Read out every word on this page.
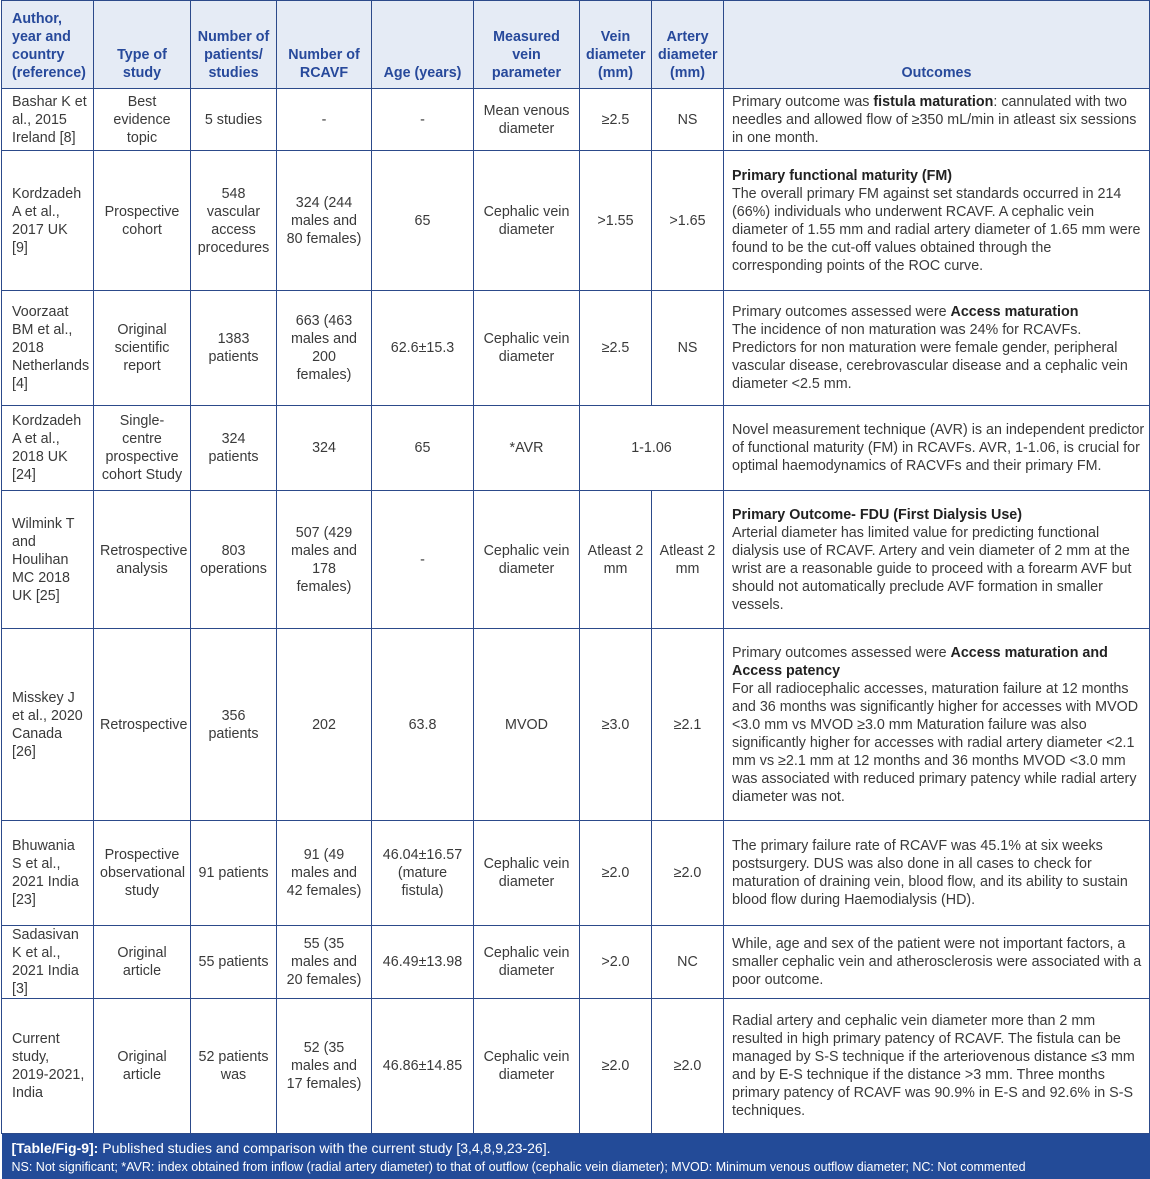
Author, year and country (reference)	Type of study	Number of patients/ studies	Number of RCAVF	Age (years)	Measured vein parameter	Vein diameter (mm)	Artery diameter (mm)	Outcomes
Bashar K et al., 2015 Ireland [8]	Best evidence topic	5 studies	-	-	Mean venous diameter	≥2.5	NS	Primary outcome was fistula maturation: cannulated with two needles and allowed flow of ≥350 mL/min in atleast six sessions in one month.
Kordzadeh A et al., 2017 UK [9]	Prospective cohort	548 vascular access procedures	324 (244 males and 80 females)	65	Cephalic vein diameter	>1.55	>1.65	Primary functional maturity (FM)
The overall primary FM against set standards occurred in 214 (66%) individuals who underwent RCAVF. A cephalic vein diameter of 1.55 mm and radial artery diameter of 1.65 mm were found to be the cut-off values obtained through the corresponding points of the ROC curve.
Voorzaat BM et al., 2018 Netherlands [4]	Original scientific report	1383 patients	663 (463 males and 200 females)	62.6±15.3	Cephalic vein diameter	≥2.5	NS	Primary outcomes assessed were Access maturation
The incidence of non maturation was 24% for RCAVFs. Predictors for non maturation were female gender, peripheral vascular disease, cerebrovascular disease and a cephalic vein diameter <2.5 mm.
Kordzadeh A et al., 2018 UK [24]	Single-centre prospective cohort Study	324 patients	324	65	*AVR	1-1.06		Novel measurement technique (AVR) is an independent predictor of functional maturity (FM) in RCAVFs. AVR, 1-1.06, is crucial for optimal haemodynamics of RACVFs and their primary FM.
Wilmink T and Houlihan MC 2018 UK [25]	Retrospective analysis	803 operations	507 (429 males and 178 females)	-	Cephalic vein diameter	Atleast 2 mm	Atleast 2 mm	Primary Outcome- FDU (First Dialysis Use)
Arterial diameter has limited value for predicting functional dialysis use of RCAVF. Artery and vein diameter of 2 mm at the wrist are a reasonable guide to proceed with a forearm AVF but should not automatically preclude AVF formation in smaller vessels.
Misskey J et al., 2020 Canada [26]	Retrospective	356 patients	202	63.8	MVOD	≥3.0	≥2.1	Primary outcomes assessed were Access maturation and Access patency
For all radiocephalic accesses, maturation failure at 12 months and 36 months was significantly higher for accesses with MVOD <3.0 mm vs MVOD ≥3.0 mm Maturation failure was also significantly higher for accesses with radial artery diameter <2.1 mm vs ≥2.1 mm at 12 months and 36 months MVOD <3.0 mm was associated with reduced primary patency while radial artery diameter was not.
Bhuwania S et al., 2021 India [23]	Prospective observational study	91 patients	91 (49 males and 42 females)	46.04±16.57 (mature fistula)	Cephalic vein diameter	≥2.0	≥2.0	The primary failure rate of RCAVF was 45.1% at six weeks postsurgery. DUS was also done in all cases to check for maturation of draining vein, blood flow, and its ability to sustain blood flow during Haemodialysis (HD).
Sadasivan K et al., 2021 India [3]	Original article	55 patients	55 (35 males and 20 females)	46.49±13.98	Cephalic vein diameter	>2.0	NC	While, age and sex of the patient were not important factors, a smaller cephalic vein and atherosclerosis were associated with a poor outcome.
Current study, 2019-2021, India	Original article	52 patients was	52 (35 males and 17 females)	46.86±14.85	Cephalic vein diameter	≥2.0	≥2.0	Radial artery and cephalic vein diameter more than 2 mm resulted in high primary patency of RCAVF. The fistula can be managed by S-S technique if the arteriovenous distance ≤3 mm and by E-S technique if the distance >3 mm. Three months primary patency of RCAVF was 90.9% in E-S and 92.6% in S-S techniques.

[Table/Fig-9]: Published studies and comparison with the current study [3,4,8,9,23-26].
NS: Not significant; *AVR: index obtained from inflow (radial artery diameter) to that of outflow (cephalic vein diameter); MVOD: Minimum venous outflow diameter; NC: Not commented								
